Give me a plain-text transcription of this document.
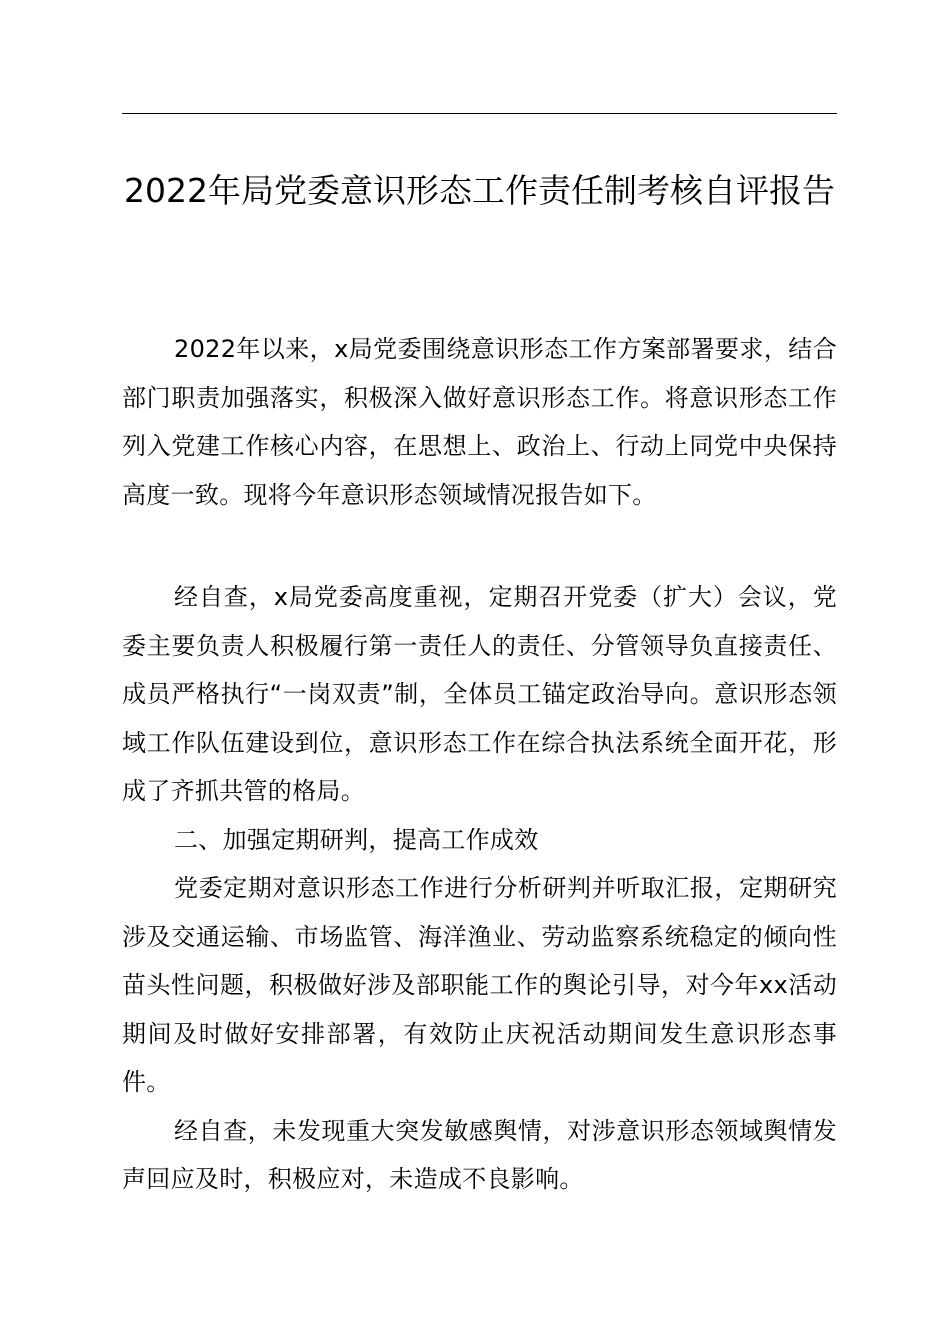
2022年局党委意识形态工作责任制考核自评报告

2022年以来，x局党委围绕意识形态工作方案部署要求，结合部门职责加强落实，积极深入做好意识形态工作。将意识形态工作列入党建工作核心内容，在思想上、政治上、行动上同党中央保持高度一致。现将今年意识形态领域情况报告如下。

经自查，x局党委高度重视，定期召开党委（扩大）会议，党委主要负责人积极履行第一责任人的责任、分管领导负直接责任、成员严格执行“一岗双责”制，全体员工锚定政治导向。意识形态领域工作队伍建设到位，意识形态工作在综合执法系统全面开花，形成了齐抓共管的格局。

二、加强定期研判，提高工作成效

党委定期对意识形态工作进行分析研判并听取汇报，定期研究涉及交通运输、市场监管、海洋渔业、劳动监察系统稳定的倾向性苗头性问题，积极做好涉及部职能工作的舆论引导，对今年xx活动期间及时做好安排部署，有效防止庆祝活动期间发生意识形态事件。

经自查，未发现重大突发敏感舆情，对涉意识形态领域舆情发声回应及时，积极应对，未造成不良影响。
